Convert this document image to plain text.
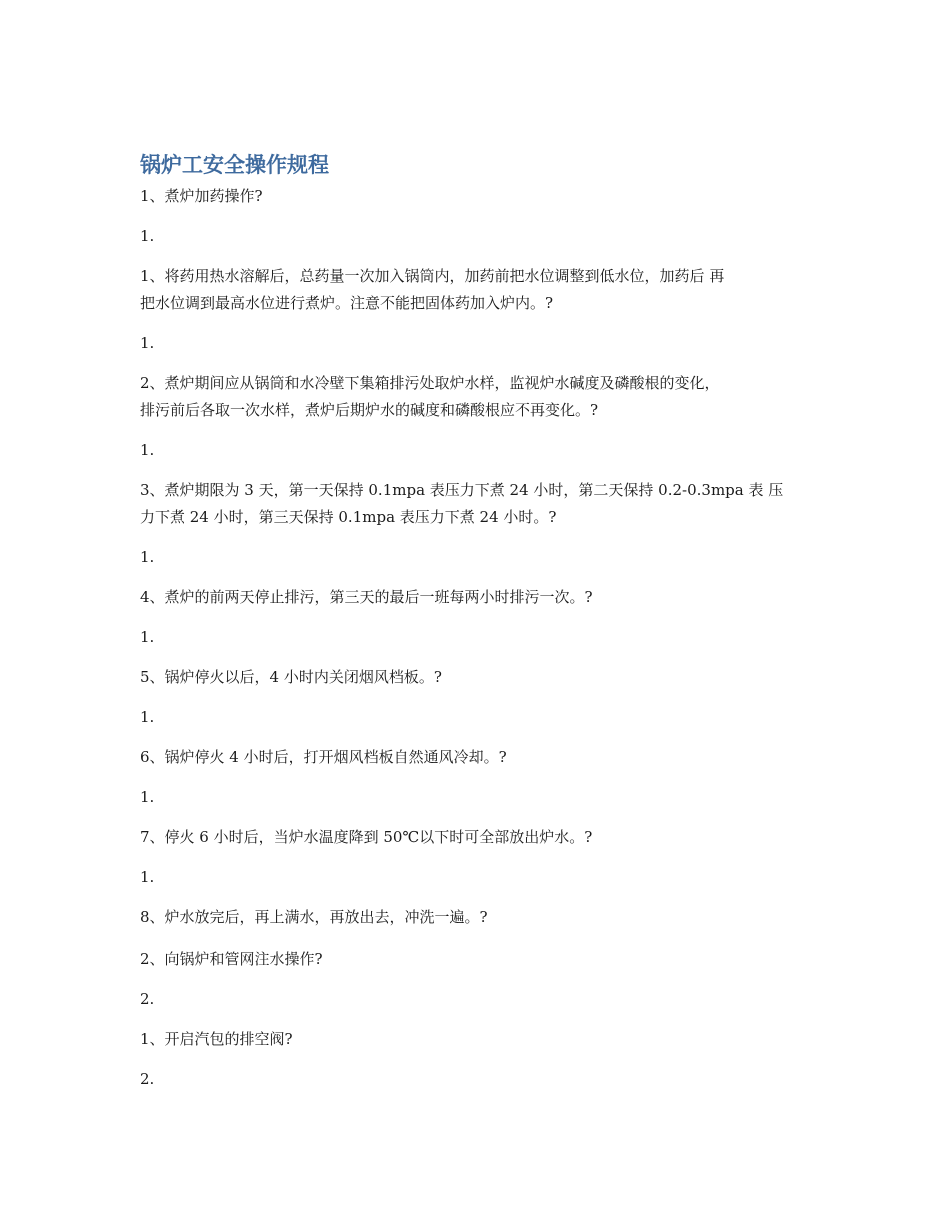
锅炉工安全操作规程

1、煮炉加药操作?

1.

1、将药用热水溶解后，总药量一次加入锅筒内，加药前把水位调整到低水位，加药后 再
把水位调到最高水位进行煮炉。注意不能把固体药加入炉内。?

1.

2、煮炉期间应从锅筒和水冷壁下集箱排污处取炉水样，监视炉水碱度及磷酸根的变化，
排污前后各取一次水样，煮炉后期炉水的碱度和磷酸根应不再变化。?

1.

3、煮炉期限为 3 天，第一天保持 0.1mpa 表压力下煮 24 小时，第二天保持 0.2-0.3mpa 表 压
力下煮 24 小时，第三天保持 0.1mpa 表压力下煮 24 小时。?

1.

4、煮炉的前两天停止排污，第三天的最后一班每两小时排污一次。?

1.

5、锅炉停火以后，4 小时内关闭烟风档板。?

1.

6、锅炉停火 4 小时后，打开烟风档板自然通风冷却。?

1.

7、停火 6 小时后，当炉水温度降到 50℃以下时可全部放出炉水。?

1.

8、炉水放完后，再上满水，再放出去，冲洗一遍。?

2、向锅炉和管网注水操作?

2.

1、开启汽包的排空阀?

2.
